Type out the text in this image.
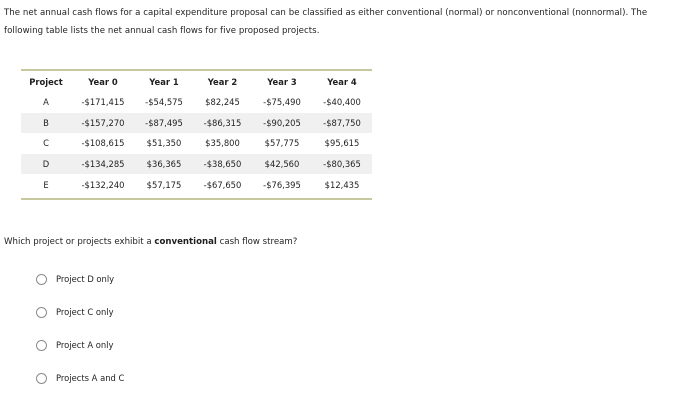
The net annual cash flows for a capital expenditure proposal can be classified as either conventional (normal) or nonconventional (nonnormal). The

following table lists the net annual cash flows for five proposed projects.

Project	Year 0	Year 1	Year 2	Year 3	Year 4
A	-$171,415	-$54,575	$82,245	-$75,490	-$40,400
B	-$157,270	-$87,495	-$86,315	-$90,205	-$87,750
C	-$108,615	$51,350	$35,800	$57,775	$95,615
D	-$134,285	$36,365	-$38,650	$42,560	-$80,365
E	-$132,240	$57,175	-$67,650	-$76,395	$12,435
Which project or projects exhibit a conventional cash flow stream?
Project D only
Project C only
Project A only
Projects A and C
